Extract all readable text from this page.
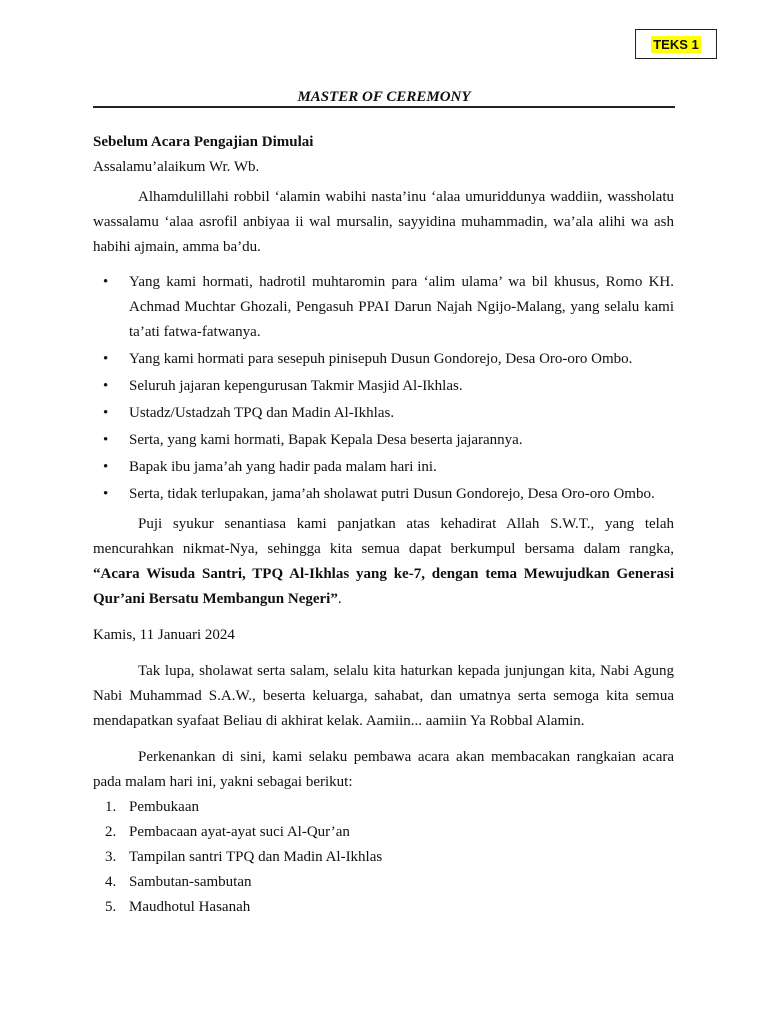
TEKS 1
MASTER OF CEREMONY

Sebelum Acara Pengajian Dimulai

Assalamu’alaikum Wr. Wb.

Alhamdulillahi robbil ‘alamin wabihi nasta’inu ‘alaa umuriddunya waddiin, wassholatu wassalamu ‘alaa asrofil anbiyaa ii wal mursalin, sayyidina muhammadin, wa’ala alihi wa ash habihi ajmain, amma ba’du.

• Yang kami hormati, hadrotil muhtaromin para ‘alim ulama’ wa bil khusus, Romo KH. Achmad Muchtar Ghozali, Pengasuh PPAI Darun Najah Ngijo-Malang, yang selalu kami ta’ati fatwa-fatwanya.
• Yang kami hormati para sesepuh pinisepuh Dusun Gondorejo, Desa Oro-oro Ombo.
• Seluruh jajaran kepengurusan Takmir Masjid Al-Ikhlas.
• Ustadz/Ustadzah TPQ dan Madin Al-Ikhlas.
• Serta, yang kami hormati, Bapak Kepala Desa beserta jajarannya.
• Bapak ibu jama’ah yang hadir pada malam hari ini.
• Serta, tidak terlupakan, jama’ah sholawat putri Dusun Gondorejo, Desa Oro-oro Ombo.

Puji syukur senantiasa kami panjatkan atas kehadirat Allah S.W.T., yang telah mencurahkan nikmat-Nya, sehingga kita semua dapat berkumpul bersama dalam rangka, “Acara Wisuda Santri, TPQ Al-Ikhlas yang ke-7, dengan tema Mewujudkan Generasi Qur’ani Bersatu Membangun Negeri”.

Kamis, 11 Januari 2024

Tak lupa, sholawat serta salam, selalu kita haturkan kepada junjungan kita, Nabi Agung Nabi Muhammad S.A.W., beserta keluarga, sahabat, dan umatnya serta semoga kita semua mendapatkan syafaat Beliau di akhirat kelak. Aamiin... aamiin Ya Robbal Alamin.

Perkenankan di sini, kami selaku pembawa acara akan membacakan rangkaian acara pada malam hari ini, yakni sebagai berikut:

1. Pembukaan
2. Pembacaan ayat-ayat suci Al-Qur’an
3. Tampilan santri TPQ dan Madin Al-Ikhlas
4. Sambutan-sambutan
5. Maudhotul Hasanah
